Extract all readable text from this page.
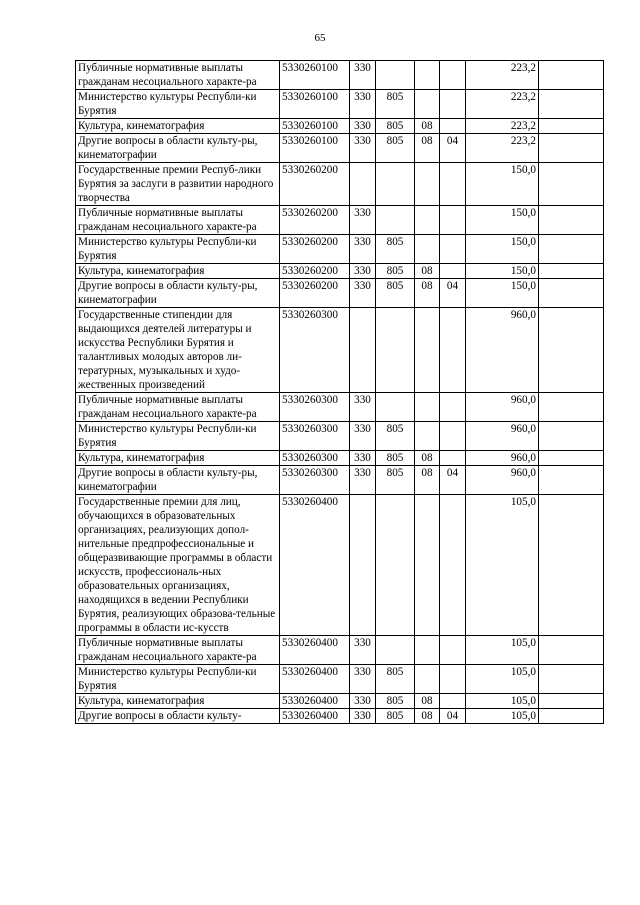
65
Публичные нормативные выплаты гражданам несоциального характе-ра	5330260100	330				223,2	
Министерство культуры Республи-ки Бурятия	5330260100	330	805			223,2	
Культура, кинематография	5330260100	330	805	08		223,2	
Другие вопросы в области культу-ры, кинематографии	5330260100	330	805	08	04	223,2	
Государственные премии Респуб-лики Бурятия за заслуги в развитии народного творчества	5330260200					150,0	
Публичные нормативные выплаты гражданам несоциального характе-ра	5330260200	330				150,0	
Министерство культуры Республи-ки Бурятия	5330260200	330	805			150,0	
Культура, кинематография	5330260200	330	805	08		150,0	
Другие вопросы в области культу-ры, кинематографии	5330260200	330	805	08	04	150,0	
Государственные стипендии для выдающихся деятелей литературы и искусства Республики Бурятия и талантливых молодых авторов ли-тературных, музыкальных и худо-жественных произведений	5330260300					960,0	
Публичные нормативные выплаты гражданам несоциального характе-ра	5330260300	330				960,0	
Министерство культуры Республи-ки Бурятия	5330260300	330	805			960,0	
Культура, кинематография	5330260300	330	805	08		960,0	
Другие вопросы в области культу-ры, кинематографии	5330260300	330	805	08	04	960,0	
Государственные премии для лиц, обучающихся в образовательных организациях, реализующих допол-нительные предпрофессиональные и общеразвивающие программы в области искусств, профессиональ-ных образовательных организациях, находящихся в ведении Республики Бурятия, реализующих образова-тельные программы в области ис-кусств	5330260400					105,0	
Публичные нормативные выплаты гражданам несоциального характе-ра	5330260400	330				105,0	
Министерство культуры Республи-ки Бурятия	5330260400	330	805			105,0	
Культура, кинематография	5330260400	330	805	08		105,0	
Другие вопросы в области культу-	5330260400	330	805	08	04	105,0	
